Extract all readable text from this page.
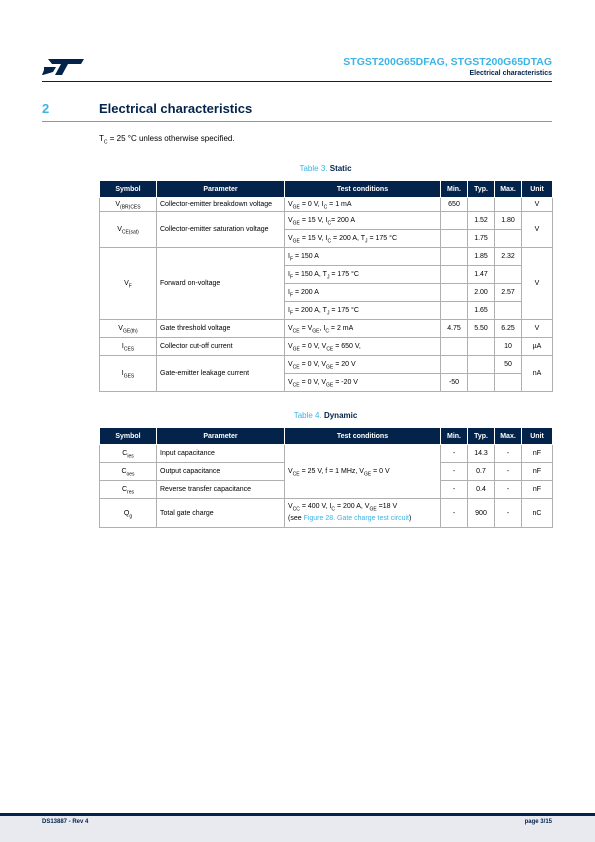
STGST200G65DFAG, STGST200G65DTAG
Electrical characteristics
2	Electrical characteristics
$T_C = 25$ °C unless otherwise specified.
Table 3. Static
Symbol	Parameter	Test conditions	Min.	Typ.	Max.	Unit
$V_{(BR)CES}$	Collector-emitter breakdown voltage	$V_{GE} = 0$ V, $I_C = 1$ mA	650			V
$V_{CE(sat)}$	Collector-emitter saturation voltage	$V_{GE} = 15$ V, $I_C= 200$ A		1.52	1.80	V
		$V_{GE} = 15$ V, $I_C = 200$ A, $T_J = 175$ °C		1.75		
$V_F$	Forward on-voltage	$I_F = 150$ A		1.85	2.32	V
		$I_F = 150$ A, $T_J = 175$ °C		1.47		
		$I_F = 200$ A		2.00	2.57	
		$I_F = 200$ A, $T_J = 175$ °C		1.65		
$V_{GE(th)}$	Gate threshold voltage	$V_{CE} = V_{GE}$, $I_C = 2$ mA	4.75	5.50	6.25	V
$I_{CES}$	Collector cut-off current	$V_{GE} = 0$ V, $V_{CE} = 650$ V,			10	µA
$I_{GES}$	Gate-emitter leakage current	$V_{CE} = 0$ V, $V_{GE} = 20$ V			50	nA
		$V_{CE} = 0$ V, $V_{GE} = -20$ V	-50			
Table 4. Dynamic
Symbol	Parameter	Test conditions	Min.	Typ.	Max.	Unit
$C_{ies}$	Input capacitance	$V_{CE} = 25$ V, f = 1 MHz, $V_{GE} = 0$ V	-	14.3	-	nF
$C_{oes}$	Output capacitance		-	0.7	-	nF
$C_{res}$	Reverse transfer capacitance		-	0.4	-	nF
$Q_g$	Total gate charge	$V_{CC} = 400$ V, $I_C = 200$ A, $V_{GE} =18$ V
(see Figure 28. Gate charge test circuit)	-	900	-	nC
DS13887 - Rev 4	page 3/15
